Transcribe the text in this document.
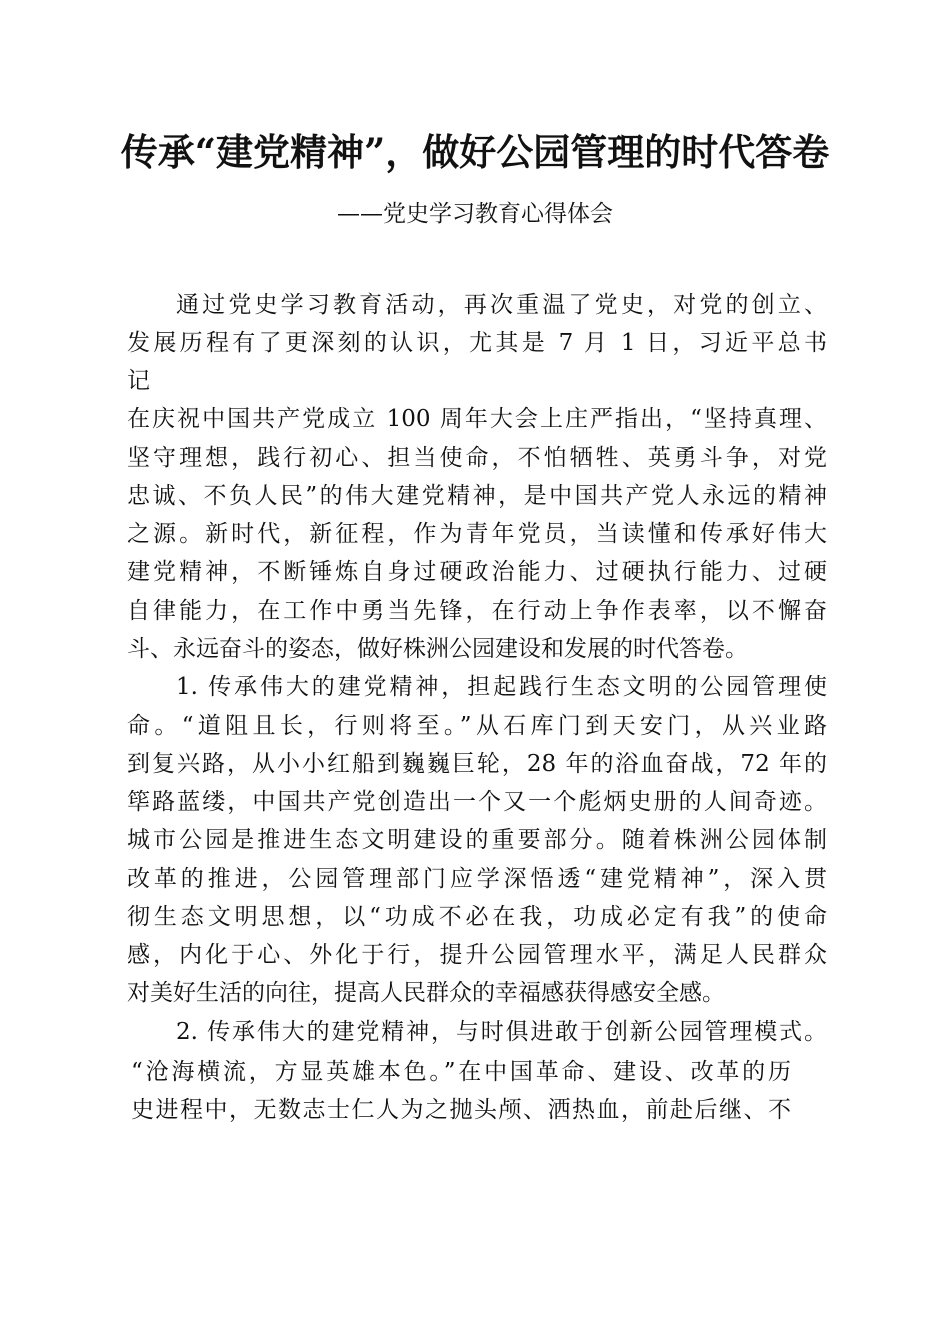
传承“建党精神”，做好公园管理的时代答卷
——党史学习教育心得体会
通过党史学习教育活动，再次重温了党史，对党的创立、
发展历程有了更深刻的认识，尤其是 7 月 1 日，习近平总书
记
在庆祝中国共产党成立 100 周年大会上庄严指出，“坚持真理、
坚守理想，践行初心、担当使命，不怕牺牲、英勇斗争，对党
忠诚、不负人民”的伟大建党精神，是中国共产党人永远的精神
之源。新时代，新征程，作为青年党员，当读懂和传承好伟大
建党精神，不断锤炼自身过硬政治能力、过硬执行能力、过硬
自律能力，在工作中勇当先锋，在行动上争作表率，以不懈奋
斗、永远奋斗的姿态，做好株洲公园建设和发展的时代答卷。
1. 传承伟大的建党精神，担起践行生态文明的公园管理使
命。“道阻且长，行则将至。”从石库门到天安门，从兴业路
到复兴路，从小小红船到巍巍巨轮，28 年的浴血奋战，72 年的
筚路蓝缕，中国共产党创造出一个又一个彪炳史册的人间奇迹。
城市公园是推进生态文明建设的重要部分。随着株洲公园体制
改革的推进，公园管理部门应学深悟透“建党精神”，深入贯
彻生态文明思想，以“功成不必在我，功成必定有我”的使命
感，内化于心、外化于行，提升公园管理水平，满足人民群众
对美好生活的向往，提高人民群众的幸福感获得感安全感。
2. 传承伟大的建党精神，与时俱进敢于创新公园管理模式。
“沧海横流，方显英雄本色。”在中国革命、建设、改革的历
史进程中，无数志士仁人为之抛头颅、洒热血，前赴后继、不
